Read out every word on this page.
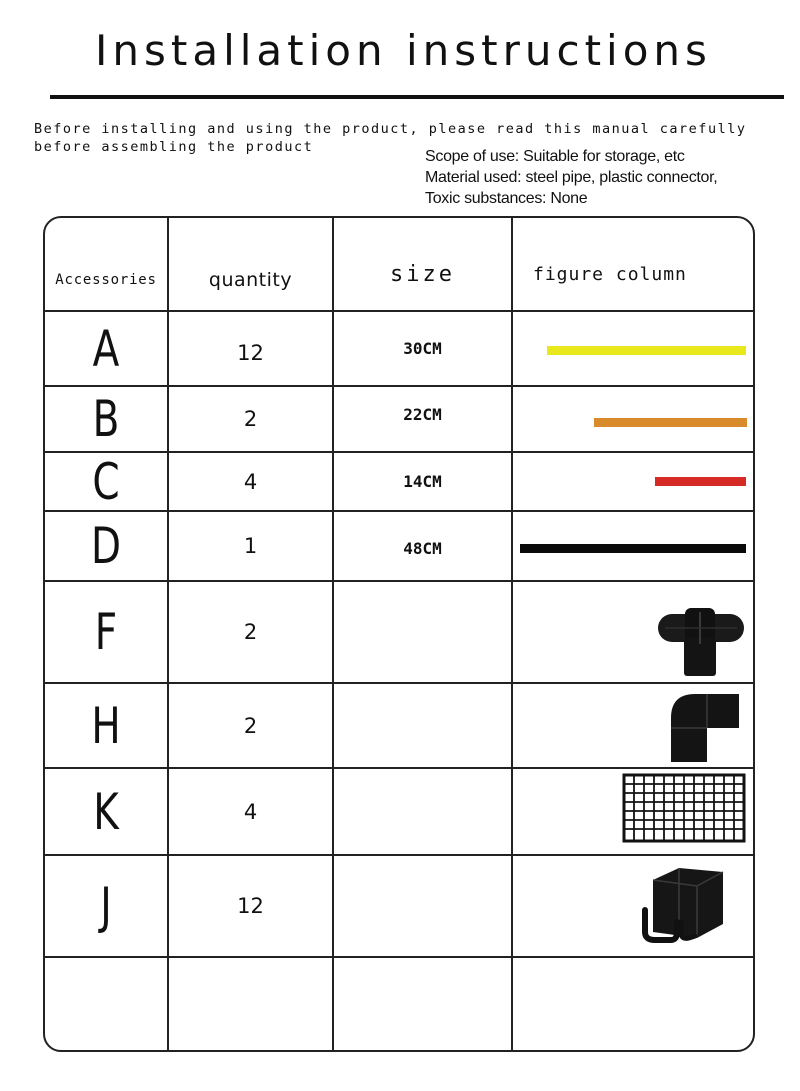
Installation instructions

Before installing and using the product, please read this manual carefully
before assembling the product

Scope of use: Suitable for storage, etc
Material used: steel pipe, plastic connector,
Toxic substances: None
Accessories	quantity	size	figure column
A	12	30CM
B	2	22CM
C	4	14CM
D	1	48CM
F	2
H	2
K	4
J	12
